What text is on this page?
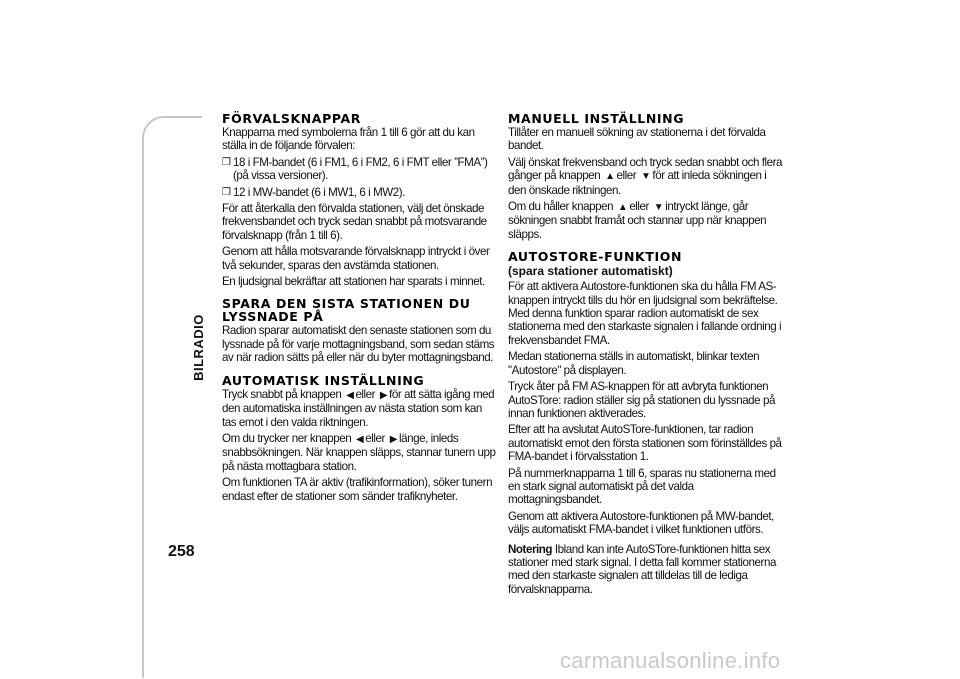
BILRADIO
258
FÖRVALSKNAPPAR

Knapparna med symbolerna från 1 till 6 gör att du kan ställa in de följande förvalen:

❒ 18 i FM-bandet (6 i FM1, 6 i FM2, 6 i FMT eller ”FMA”) (på vissa versioner).
❒ 12 i MW-bandet (6 i MW1, 6 i MW2).

För att återkalla den förvalda stationen, välj det önskade frekvensbandet och tryck sedan snabbt på motsvarande förvalsknapp (från 1 till 6).

Genom att hålla motsvarande förvalsknapp intryckt i över två sekunder, sparas den avstämda stationen.

En ljudsignal bekräftar att stationen har sparats i minnet.

SPARA DEN SISTA STATIONEN DU LYSSNADE PÅ

Radion sparar automatiskt den senaste stationen som du lyssnade på för varje mottagningsband, som sedan stäms av när radion sätts på eller när du byter mottagningsband.

AUTOMATISK INSTÄLLNING

Tryck snabbt på knappen ◀ eller ▶ för att sätta igång med den automatiska inställningen av nästa station som kan tas emot i den valda riktningen.

Om du trycker ner knappen ◀ eller ▶ länge, inleds snabbsökningen. När knappen släpps, stannar tunern upp på nästa mottagbara station.

Om funktionen TA är aktiv (trafikinformation), söker tunern endast efter de stationer som sänder trafiknyheter.

MANUELL INSTÄLLNING

Tillåter en manuell sökning av stationerna i det förvalda bandet.

Välj önskat frekvensband och tryck sedan snabbt och flera gånger på knappen ▲ eller ▼ för att inleda sökningen i den önskade riktningen.

Om du håller knappen ▲ eller ▼ intryckt länge, går sökningen snabbt framåt och stannar upp när knappen släpps.

AUTOSTORE-FUNKTION
(spara stationer automatiskt)

För att aktivera Autostore-funktionen ska du hålla FM AS-knappen intryckt tills du hör en ljudsignal som bekräftelse. Med denna funktion sparar radion automatiskt de sex stationerna med den starkaste signalen i fallande ordning i frekvensbandet FMA.

Medan stationerna ställs in automatiskt, blinkar texten "Autostore" på displayen.

Tryck åter på FM AS-knappen för att avbryta funktionen AutoSTore: radion ställer sig på stationen du lyssnade på innan funktionen aktiverades.

Efter att ha avslutat AutoSTore-funktionen, tar radion automatiskt emot den första stationen som förinställdes på FMA-bandet i förvalsstation 1.

På nummerknapparna 1 till 6, sparas nu stationerna med en stark signal automatiskt på det valda mottagningsbandet.

Genom att aktivera Autostore-funktionen på MW-bandet, väljs automatiskt FMA-bandet i vilket funktionen utförs.

Notering Ibland kan inte AutoSTore-funktionen hitta sex stationer med stark signal. I detta fall kommer stationerna med den starkaste signalen att tilldelas till de lediga förvalsknapparna.

carmanualsonline.info
